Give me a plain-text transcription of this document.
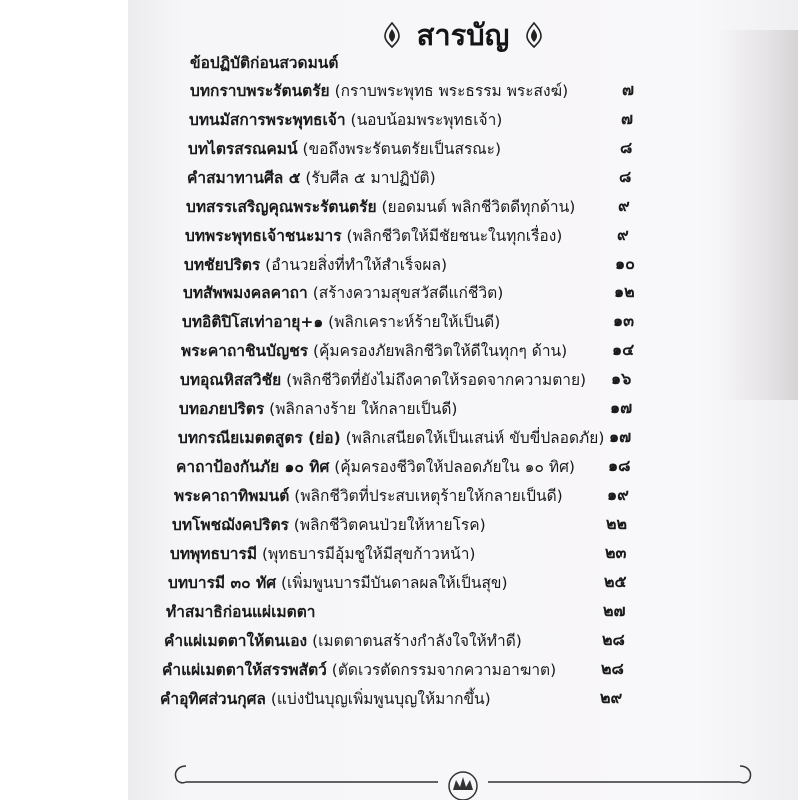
สารบัญ
ข้อปฏิบัติก่อนสวดมนต์
บทกราบพระรัตนตรัย (กราบพระพุทธ พระธรรม พระสงฆ์)	๗
บทนมัสการพระพุทธเจ้า (นอบน้อมพระพุทธเจ้า)	๗
บทไตรสรณคมน์ (ขอถึงพระรัตนตรัยเป็นสรณะ)	๘
คำสมาทานศีล ๕ (รับศีล ๕ มาปฏิบัติ)	๘
บทสรรเสริญคุณพระรัตนตรัย (ยอดมนต์ พลิกชีวิตดีทุกด้าน)	๙
บทพระพุทธเจ้าชนะมาร (พลิกชีวิตให้มีชัยชนะในทุกเรื่อง)	๙
บทชัยปริตร (อำนวยสิ่งที่ทำให้สำเร็จผล)	๑๐
บทสัพพมงคลคาถา (สร้างความสุขสวัสดีแก่ชีวิต)	๑๒
บทอิติปิโสเท่าอายุ+๑ (พลิกเคราะห์ร้ายให้เป็นดี)	๑๓
พระคาถาชินบัญชร (คุ้มครองภัยพลิกชีวิตให้ดีในทุกๆ ด้าน)	๑๔
บทอุณหิสสวิชัย (พลิกชีวิตที่ยังไม่ถึงคาดให้รอดจากความตาย) ๑๖
บทอภยปริตร (พลิกลางร้าย ให้กลายเป็นดี)	๑๗
บทกรณียเมตตสูตร (ย่อ) (พลิกเสนียดให้เป็นเสน่ห์ ขับขี่ปลอดภัย) ๑๗
คาถาป้องกันภัย ๑๐ ทิศ (คุ้มครองชีวิตให้ปลอดภัยใน ๑๐ ทิศ) ๑๘
พระคาถาทิพมนต์ (พลิกชีวิตที่ประสบเหตุร้ายให้กลายเป็นดี)	๑๙
บทโพชฌังคปริตร (พลิกชีวิตคนป่วยให้หายโรค)	๒๒
บทพุทธบารมี (พุทธบารมีอุ้มชูให้มีสุขก้าวหน้า)	๒๓
บทบารมี ๓๐ ทัศ (เพิ่มพูนบารมีบันดาลผลให้เป็นสุข)	๒๕
ทำสมาธิก่อนแผ่เมตตา	๒๗
คำแผ่เมตตาให้ตนเอง (เมตตาตนสร้างกำลังใจให้ทำดี)	๒๘
คำแผ่เมตตาให้สรรพสัตว์ (ตัดเวรตัดกรรมจากความอาฆาต)	๒๘
คำอุทิศส่วนกุศล (แบ่งปันบุญเพิ่มพูนบุญให้มากขึ้น)	๒๙
